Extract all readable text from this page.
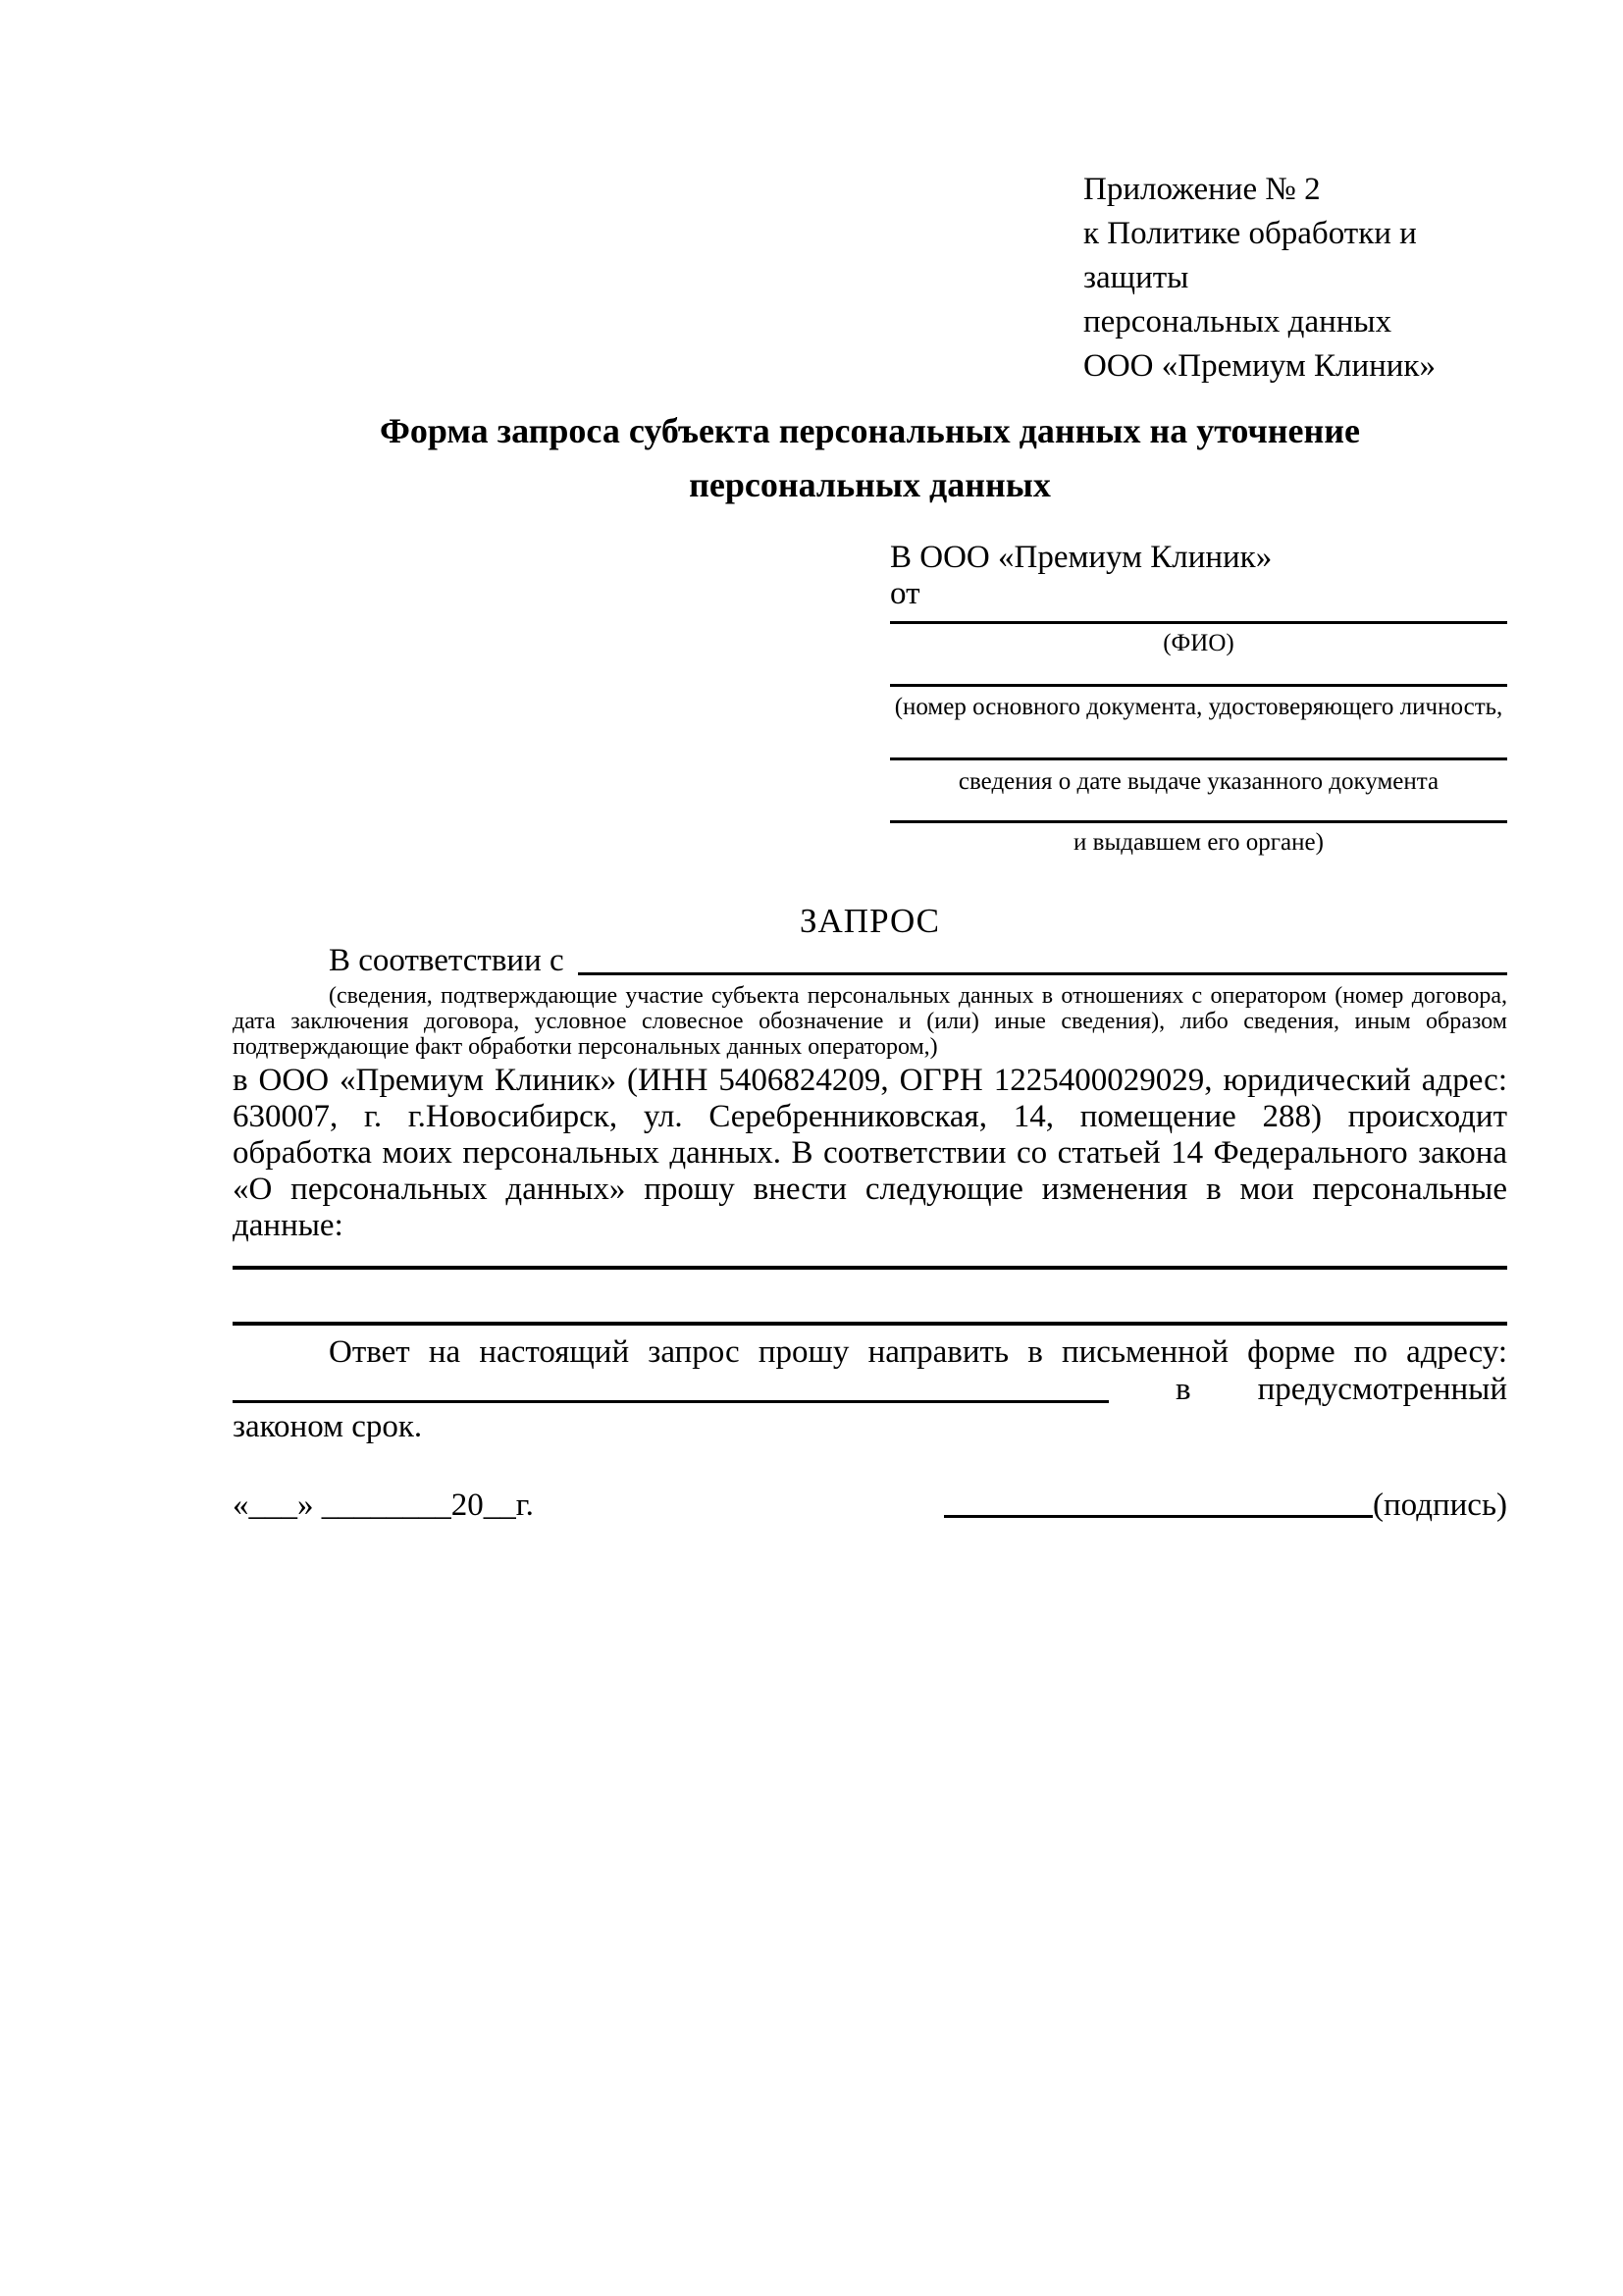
Приложение № 2
к Политике обработки и защиты
персональных данных
ООО «Премиум Клиник»
Форма запроса субъекта персональных данных на уточнение
персональных данных
В ООО «Премиум Клиник»
от
(ФИО)
(номер основного документа, удостоверяющего личность,
сведения о дате выдаче указанного документа
и выдавшем его органе)
ЗАПРОС
В соответствии с
(сведения, подтверждающие участие субъекта персональных данных в отношениях с оператором (номер договора, дата заключения договора, условное словесное обозначение и (или) иные сведения), либо сведения, иным образом подтверждающие факт обработки персональных данных оператором,)
в ООО «Премиум Клиник» (ИНН 5406824209, ОГРН 1225400029029, юридический адрес: 630007, г. г.Новосибирск, ул. Серебренниковская, 14, помещение 288) происходит обработка моих персональных данных. В соответствии со статьей 14 Федерального закона «О персональных данных» прошу внести следующие изменения в мои персональные данные:
Ответ на настоящий запрос прошу направить в письменной форме по адресу:
в предусмотренный
законом срок.
«___» ________20__г.	(подпись)
